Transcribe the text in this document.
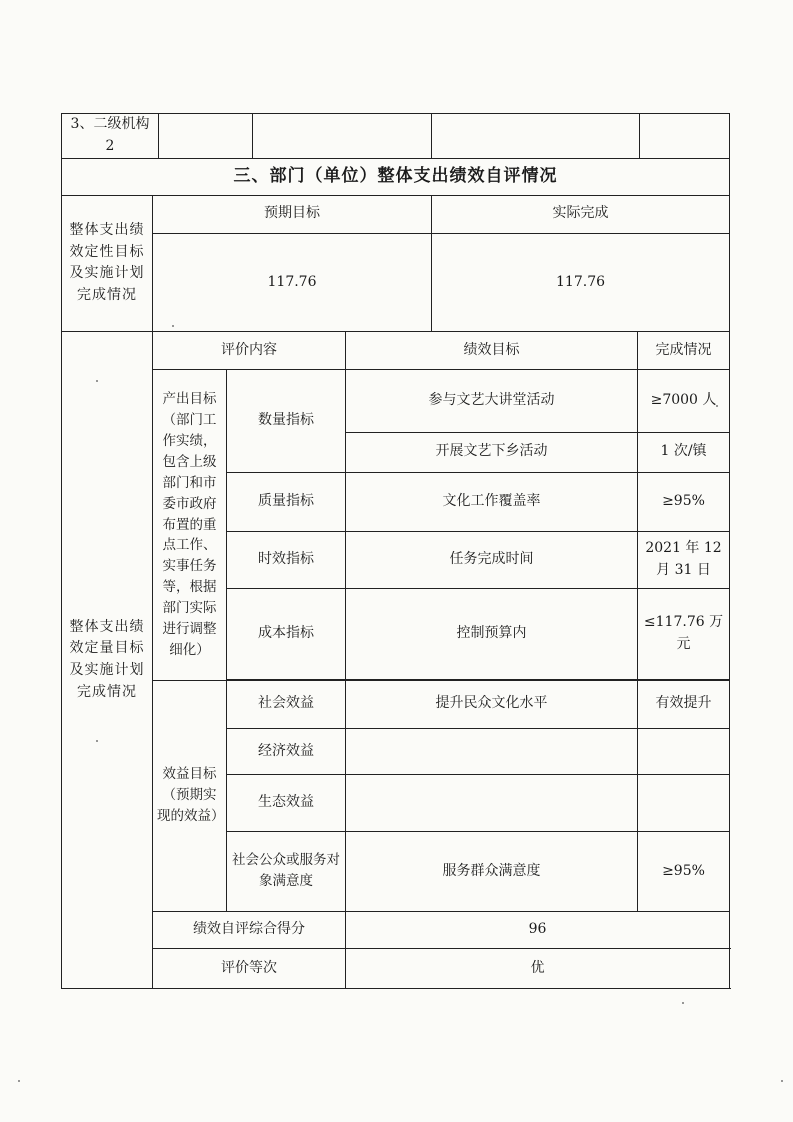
3、二级机构 2								
三、部门（单位）整体支出绩效自评情况								
整体支出绩效定性目标及实施计划完成情况	预期目标					实际完成		
	117.76					117.76		
整体支出绩效定量目标及实施计划完成情况	评价内容				绩效目标		完成情况	
	产出目标（部门工作实绩，包含上级部门和市委市政府布置的重点工作、实事任务等，根据部门实际进行调整细化）		数量指标		参与文艺大讲堂活动		≥7000 人	
					开展文艺下乡活动		1 次/镇	
			质量指标		文化工作覆盖率		≥95%	
			时效指标		任务完成时间		2021 年 12 月 31 日	
			成本指标		控制预算内		≤117.76 万元	

	效益目标（预期实现的效益）		社会效益		提升民众文化水平		有效提升	
			经济效益					
			生态效益					
			社会公众或服务对象满意度		服务群众满意度		≥95%	
	绩效自评综合得分				96			
	评价等次				优			
